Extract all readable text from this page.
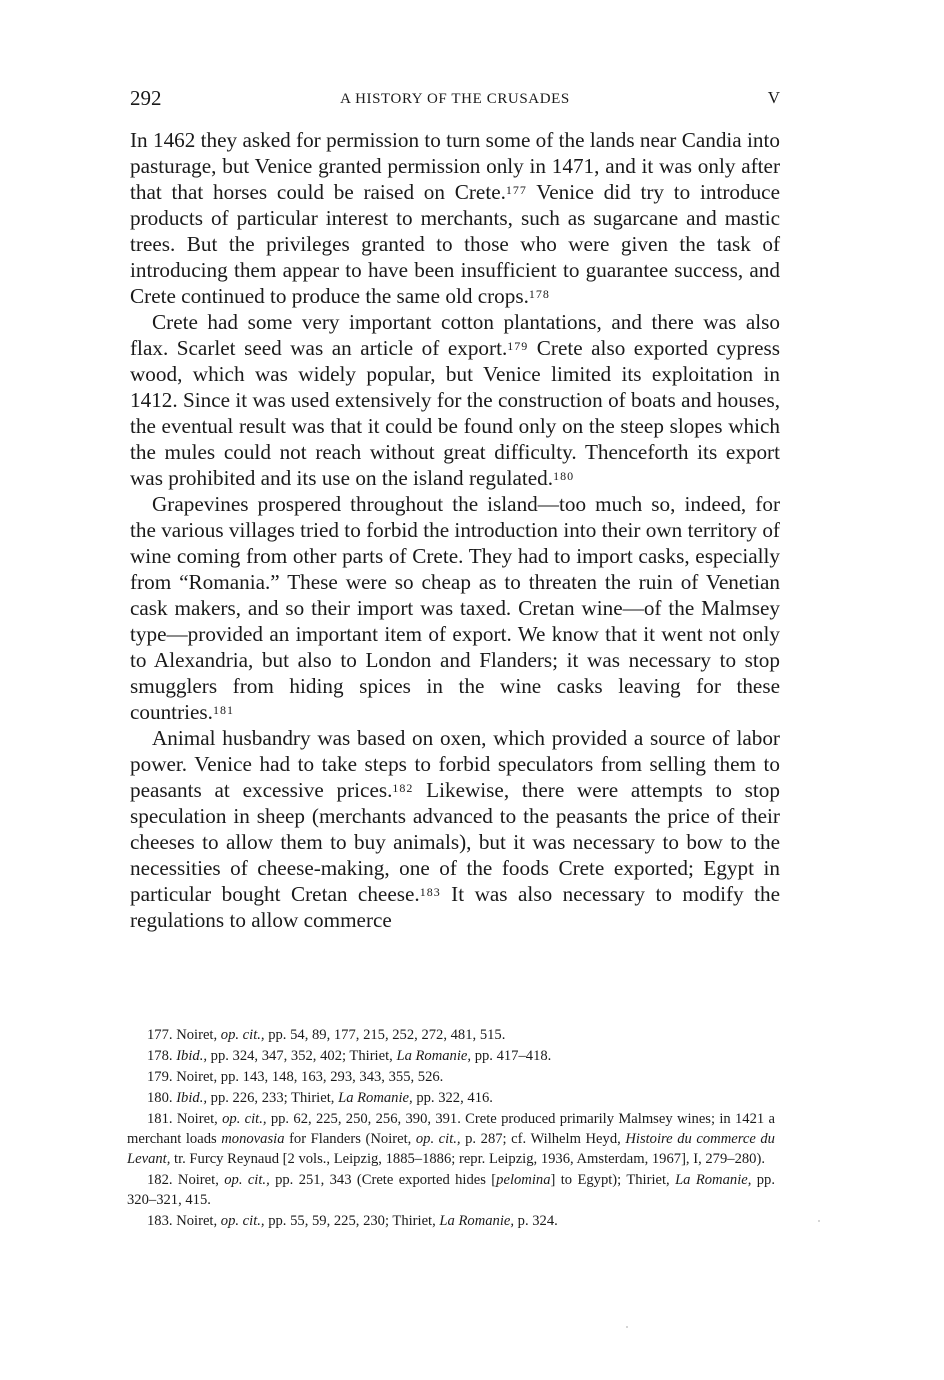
292	A HISTORY OF THE CRUSADES	V

In 1462 they asked for permission to turn some of the lands near Candia into pasturage, but Venice granted permission only in 1471, and it was only after that that horses could be raised on Crete.$^{177}$ Venice did try to introduce products of particular interest to merchants, such as sugarcane and mastic trees. But the privileges granted to those who were given the task of introducing them appear to have been insufficient to guarantee success, and Crete continued to produce the same old crops.$^{178}$

Crete had some very important cotton plantations, and there was also flax. Scarlet seed was an article of export.$^{179}$ Crete also exported cypress wood, which was widely popular, but Venice limited its exploitation in 1412. Since it was used extensively for the construction of boats and houses, the eventual result was that it could be found only on the steep slopes which the mules could not reach without great difficulty. Thenceforth its export was prohibited and its use on the island regulated.$^{180}$

Grapevines prospered throughout the island—too much so, indeed, for the various villages tried to forbid the introduction into their own territory of wine coming from other parts of Crete. They had to import casks, especially from “Romania.” These were so cheap as to threaten the ruin of Venetian cask makers, and so their import was taxed. Cretan wine—of the Malmsey type—provided an important item of export. We know that it went not only to Alexandria, but also to London and Flanders; it was necessary to stop smugglers from hiding spices in the wine casks leaving for these countries.$^{181}$

Animal husbandry was based on oxen, which provided a source of labor power. Venice had to take steps to forbid speculators from selling them to peasants at excessive prices.$^{182}$ Likewise, there were attempts to stop speculation in sheep (merchants advanced to the peasants the price of their cheeses to allow them to buy animals), but it was necessary to bow to the necessities of cheese-making, one of the foods Crete exported; Egypt in particular bought Cretan cheese.$^{183}$ It was also necessary to modify the regulations to allow commerce

177. Noiret, op. cit., pp. 54, 89, 177, 215, 252, 272, 481, 515.

178. Ibid., pp. 324, 347, 352, 402; Thiriet, La Romanie, pp. 417–418.

179. Noiret, pp. 143, 148, 163, 293, 343, 355, 526.

180. Ibid., pp. 226, 233; Thiriet, La Romanie, pp. 322, 416.

181. Noiret, op. cit., pp. 62, 225, 250, 256, 390, 391. Crete produced primarily Malmsey wines; in 1421 a merchant loads monovasia for Flanders (Noiret, op. cit., p. 287; cf. Wilhelm Heyd, Histoire du commerce du Levant, tr. Furcy Reynaud [2 vols., Leipzig, 1885–1886; repr. Leipzig, 1936, Amsterdam, 1967], I, 279–280).

182. Noiret, op. cit., pp. 251, 343 (Crete exported hides [pelomina] to Egypt); Thiriet, La Romanie, pp. 320–321, 415.

183. Noiret, op. cit., pp. 55, 59, 225, 230; Thiriet, La Romanie, p. 324.
